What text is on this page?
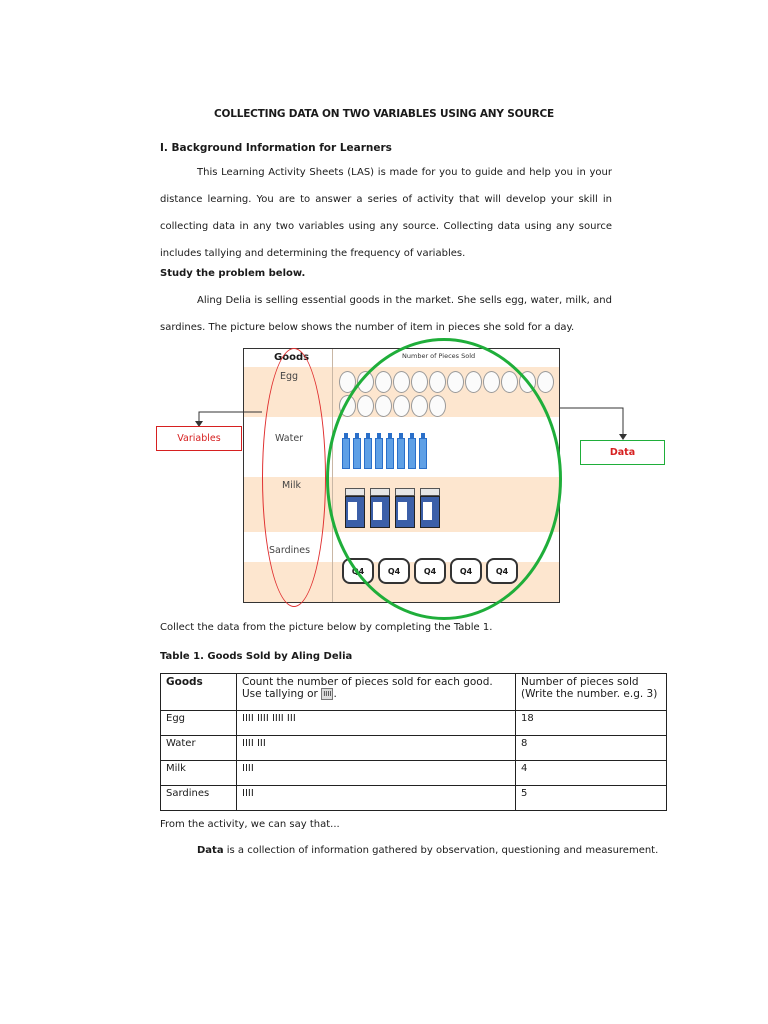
COLLECTING DATA ON TWO VARIABLES USING ANY SOURCE
I. Background Information for Learners
This Learning Activity Sheets (LAS) is made for you to guide and help you in your distance learning. You are to answer a series of activity that will develop your skill in collecting data in any two variables using any source. Collecting data using any source includes tallying and determining the frequency of variables.
Study the problem below.
Aling Delia is selling essential goods in the market. She sells egg, water, milk, and sardines. The picture below shows the number of item in pieces she sold for a day.
Goods	Number of Pieces Sold
Egg
Water
Milk
Sardines
Q4	Q4	Q4	Q4	Q4
Variables
Data
Collect the data from the picture below by completing the Table 1.
Table 1. Goods Sold by Aling Delia
Goods	Count the number of pieces sold for each good. Use tallying or IIII .	Number of pieces sold (Write the number. e.g. 3)
Egg	IIII IIII IIII III	18
Water	IIII III	8
Milk	IIII	4
Sardines	IIII	5
From the activity, we can say that...
Data is a collection of information gathered by observation, questioning and measurement.
